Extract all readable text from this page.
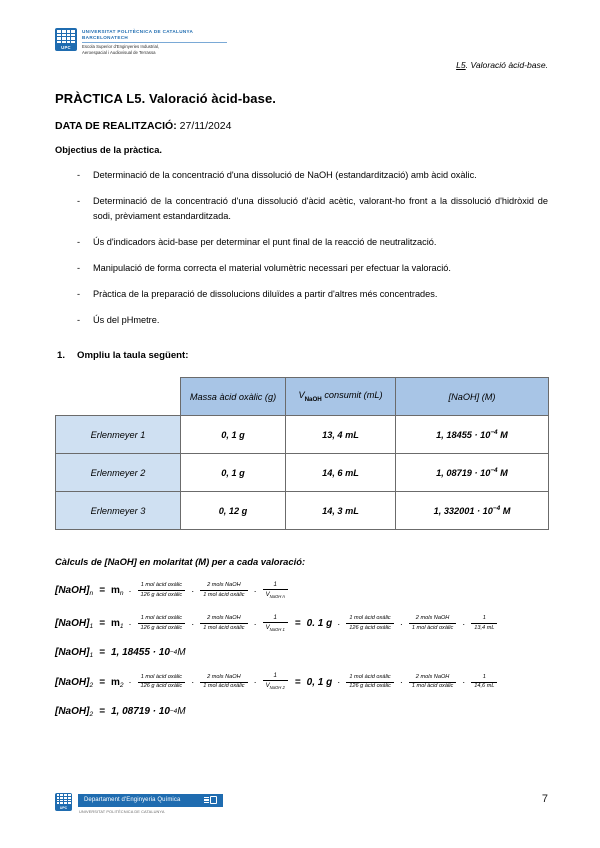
UPC
UNIVERSITAT POLITÈCNICA DE CATALUNYA
BARCELONATECH
Escola Superior d'Enginyeries Industrial,
Aeroespacial i Audiovisual de Terrassa
L5. Valoració àcid-base.
PRÀCTICA L5. Valoració àcid-base.

DATA DE REALITZACIÓ: 27/11/2024

Objectius de la pràctica.

- Determinació de la concentració d'una dissolució de NaOH (estandardització) amb àcid oxàlic.
- Determinació de la concentració d'una dissolució d'àcid acètic, valorant-ho front a la dissolució d'hidròxid de sodi, prèviament estandarditzada.
- Ús d'indicadors àcid-base per determinar el punt final de la reacció de neutralització.
- Manipulació de forma correcta el material volumètric necessari per efectuar la valoració.
- Pràctica de la preparació de dissolucions diluïdes a partir d'altres més concentrades.
- Ús del pHmetre.

1. Ompliu la taula següent:

	Massa àcid oxàlic (g)	$V_{NaOH}$ consumit (mL)	[NaOH] (M)
Erlenmeyer 1	0, 1 g	13, 4 mL	1, $18455 \cdot 10^{-4}$ M
Erlenmeyer 2	0, 1 g	14, 6 mL	1, $08719 \cdot 10^{-4}$ M
Erlenmeyer 3	0, 12 g	14, 3 mL	1, $332001 \cdot 10^{-4}$ M

Càlculs de [NaOH] en molaritat (M) per a cada valoració:

[NaOH] n = m $n \cdot \frac{\text{1 mol àcid oxàlic}}{\text{126 g àcid oxàlic}} \cdot \frac{\text{2 mols NaOH}}{\text{1 mol àcid oxàlic}} \cdot \frac{1}{V_{NaOH n}}$
[NaOH] 1 = m $1 \cdot \frac{\text{1 mol àcid oxàlic}}{\text{126 g àcid oxàlic}} \cdot \frac{\text{2 mols NaOH}}{\text{1 mol àcid oxàlic}} \cdot \frac{1}{V_{NaOH 1}} = 0$. 1 $g \cdot \frac{\text{1 mol àcid oxàlic}}{\text{126 g àcid oxàlic}} \cdot \frac{\text{2 mols NaOH}}{\text{1 mol àcid oxàlic}} \cdot \frac{1}{13,4 mL}$
[NaOH] 1 = 1, 18455 · 10 −4 M
[NaOH] 2 = m $2 \cdot \frac{\text{1 mol àcid oxàlic}}{\text{126 g àcid oxàlic}} \cdot \frac{\text{2 mols NaOH}}{\text{1 mol àcid oxàlic}} \cdot \frac{1}{V_{NaOH 2}} = 0$, 1 $g \cdot \frac{\text{1 mol àcid oxàlic}}{\text{126 g àcid oxàlic}} \cdot \frac{\text{2 mols NaOH}}{\text{1 mol àcid oxàlic}} \cdot \frac{1}{14,6 mL}$
[NaOH] 2 = 1, 08719 · 10 −4 M
UPC
Departament d'Enginyeria Química
UNIVERSITAT POLITÈCNICA DE CATALUNYA
7
